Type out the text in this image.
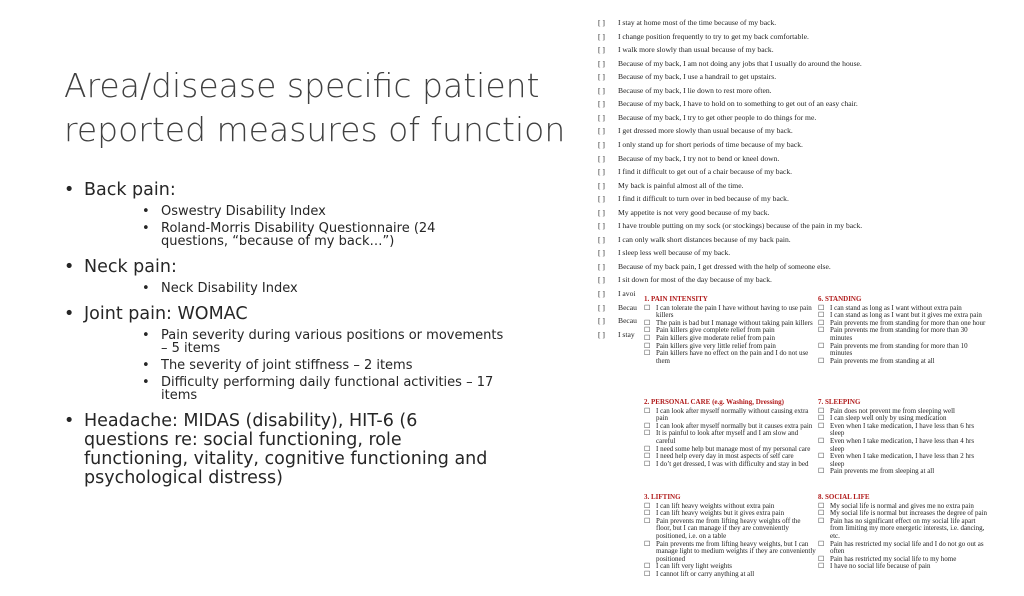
Area/disease specific patient reported measures of function
• Back pain:
• Oswestry Disability Index
• Roland-Morris Disability Questionnaire (24 questions, “because of my back…”)
• Neck pain:
• Neck Disability Index
• Joint pain: WOMAC
• Pain severity during various positions or movements – 5 items
• The severity of joint stiffness – 2 items
• Difficulty performing daily functional activities – 17 items
• Headache: MIDAS (disability), HIT-6 (6 questions re: social functioning, role functioning, vitality, cognitive functioning and psychological distress)
[ ] I stay at home most of the time because of my back.
[ ] I change position frequently to try to get my back comfortable.
[ ] I walk more slowly than usual because of my back.
[ ] Because of my back, I am not doing any jobs that I usually do around the house.
[ ] Because of my back, I use a handrail to get upstairs.
[ ] Because of my back, I lie down to rest more often.
[ ] Because of my back, I have to hold on to something to get out of an easy chair.
[ ] Because of my back, I try to get other people to do things for me.
[ ] I get dressed more slowly than usual because of my back.
[ ] I only stand up for short periods of time because of my back.
[ ] Because of my back, I try not to bend or kneel down.
[ ] I find it difficult to get out of a chair because of my back.
[ ] My back is painful almost all of the time.
[ ] I find it difficult to turn over in bed because of my back.
[ ] My appetite is not very good because of my back.
[ ] I have trouble putting on my sock (or stockings) because of the pain in my back.
[ ] I can only walk short distances because of my back pain.
[ ] I sleep less well because of my back.
[ ] Because of my back pain, I get dressed with the help of someone else.
[ ] I sit down for most of the day because of my back.
[ ] I avoi
[ ] Becau
[ ] Becau
[ ] I stay
1. PAIN INTENSITY
☐ I can tolerate the pain I have without having to use pain killers
☐ The pain is bad but I manage without taking pain killers
☐ Pain killers give complete relief from pain
☐ Pain killers give moderate relief from pain
☐ Pain killers give very little relief from pain
☐ Pain killers have no effect on the pain and I do not use them
6. STANDING
☐ I can stand as long as I want without extra pain
☐ I can stand as long as I want but it gives me extra pain
☐ Pain prevents me from standing for more than one hour
☐ Pain prevents me from standing for more than 30 minutes
☐ Pain prevents me from standing for more than 10 minutes
☐ Pain prevents me from standing at all
2. PERSONAL CARE (e.g. Washing, Dressing)
☐ I can look after myself normally without causing extra pain
☐ I can look after myself normally but it causes extra pain
☐ It is painful to look after myself and I am slow and careful
☐ I need some help but manage most of my personal care
☐ I need help every day in most aspects of self care
☐ I do’t get dressed, I was with difficulty and stay in bed
7. SLEEPING
☐ Pain does not prevent me from sleeping well
☐ I can sleep well only by using medication
☐ Even when I take medication, I have less than 6 hrs sleep
☐ Even when I take medication, I have less than 4 hrs sleep
☐ Even when I take medication, I have less than 2 hrs sleep
☐ Pain prevents me from sleeping at all
3. LIFTING
☐ I can lift heavy weights without extra pain
☐ I can lift heavy weights but it gives extra pain
☐ Pain prevents me from lifting heavy weights off the floor, but I can manage if they are conveniently positioned, i.e. on a table
☐ Pain prevents me from lifting heavy weights, but I can manage light to medium weights if they are conveniently positioned
☐ I can lift very light weights
☐ I cannot lift or carry anything at all
8. SOCIAL LIFE
☐ My social life is normal and gives me no extra pain
☐ My social life is normal but increases the degree of pain
☐ Pain has no significant effect on my social life apart from limiting my more energetic interests, i.e. dancing, etc.
☐ Pain has restricted my social life and I do not go out as often
☐ Pain has restricted my social life to my home
☐ I have no social life because of pain
